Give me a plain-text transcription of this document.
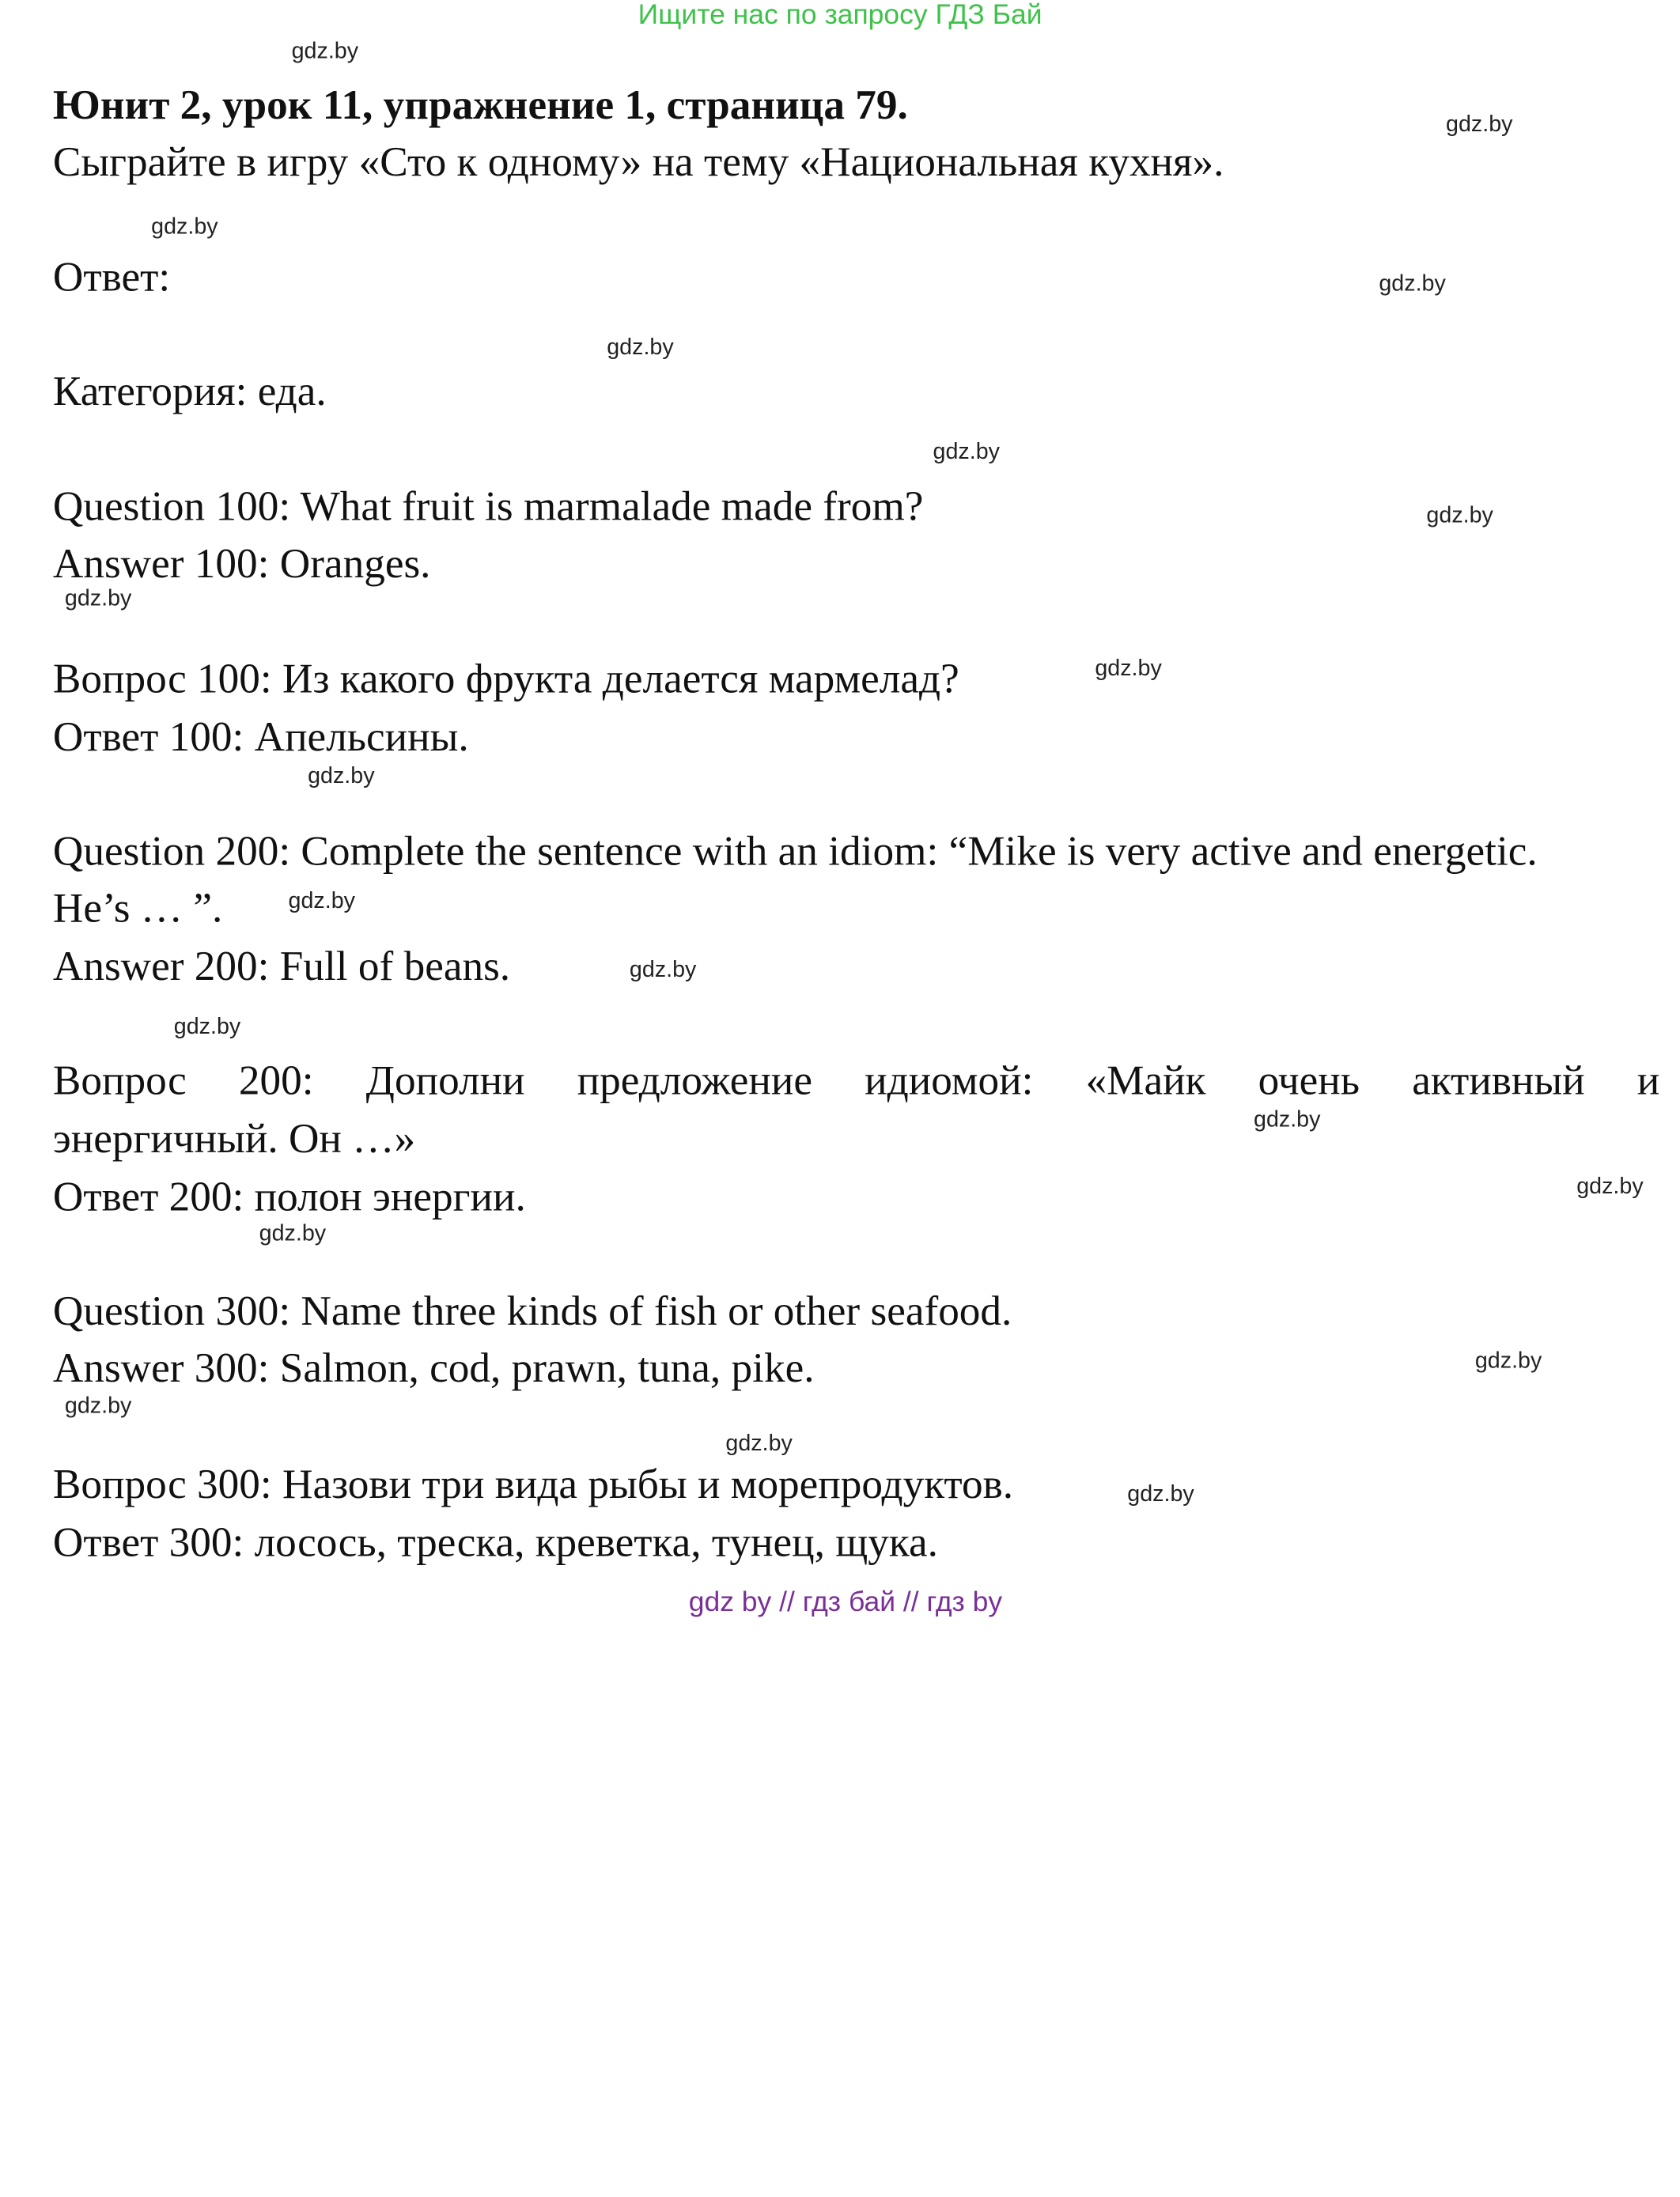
Ищите нас по запросу ГДЗ Бай
gdz.by
Юнит 2, урок 11, упражнение 1, страница 79.	gdz.by
Сыграйте в игру «Сто к одному» на тему «Национальная кухня».
gdz.by
Ответ:	gdz.by
gdz.by
Категория: еда.
gdz.by
Question 100: What fruit is marmalade made from?	gdz.by
Answer 100: Oranges.
gdz.by
Вопрос 100: Из какого фрукта делается мармелад?	gdz.by
Ответ 100: Апельсины.
gdz.by
Question 200: Complete the sentence with an idiom: “Mike is very active and energetic.
He’s … ”.	gdz.by
Answer 200: Full of beans.	gdz.by
gdz.by
Вопрос 200: Дополни предложение идиомой: «Майк очень активный и
gdz.by
энергичный. Он …»
Ответ 200: полон энергии.	gdz.by
gdz.by
Question 300: Name three kinds of fish or other seafood.
Answer 300: Salmon, cod, prawn, tuna, pike.	gdz.by
gdz.by
gdz.by
Вопрос 300: Назови три вида рыбы и морепродуктов.	gdz.by
Ответ 300: лосось, треска, креветка, тунец, щука.
gdz by // гдз бай // гдз by
